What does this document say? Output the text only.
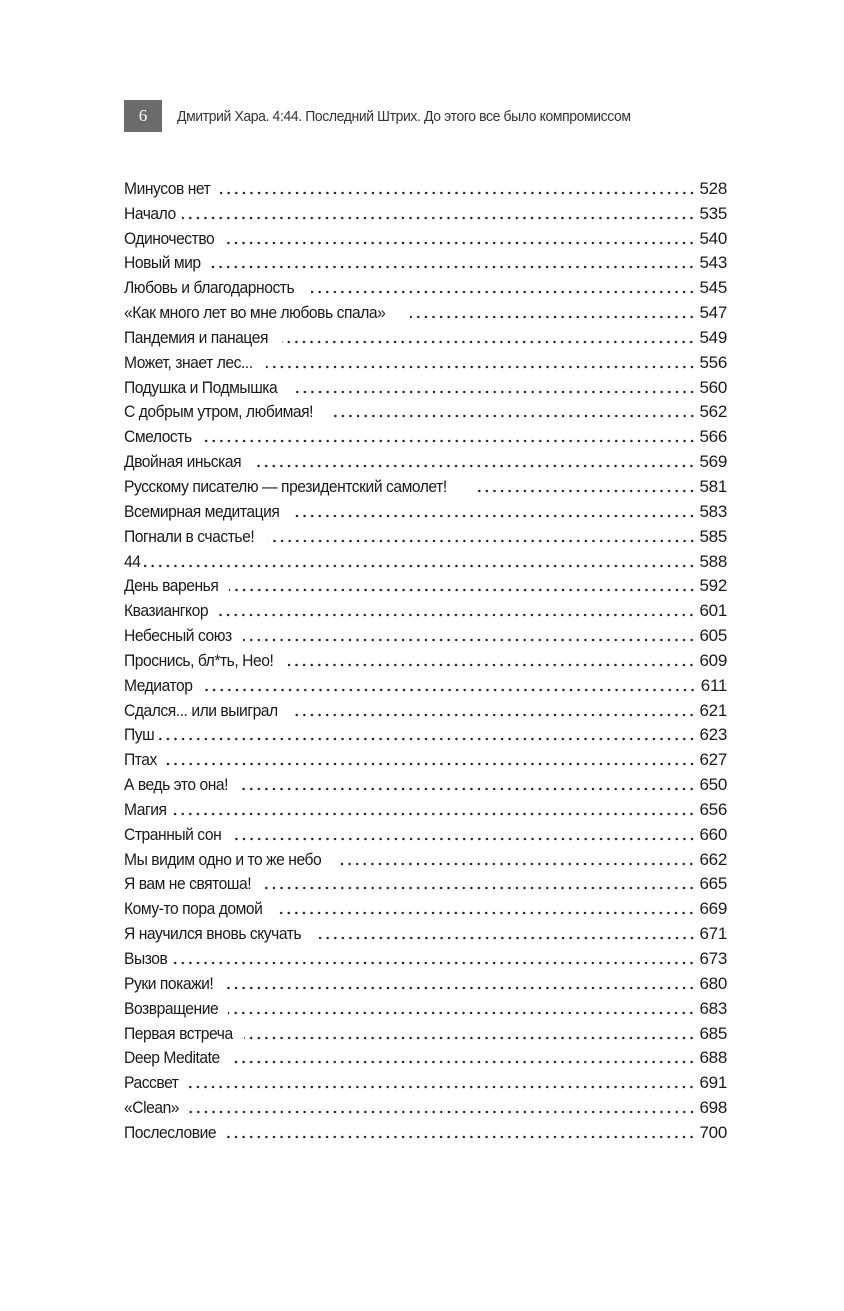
6	Дмитрий Хара. 4:44. Последний Штрих. До этого все было компромиссом
Минусов нет	528
Начало	535
Одиночество	540
Новый мир	543
Любовь и благодарность	545
«Как много лет во мне любовь спала»	547
Пандемия и панацея	549
Может, знает лес...	556
Подушка и Подмышка	560
С добрым утром, любимая!	562
Смелость	566
Двойная иньская	569
Русскому писателю — президентский самолет!	581
Всемирная медитация	583
Погнали в счастье!	585
44	588
День варенья	592
Квазиангкор	601
Небесный союз	605
Проснись, бл*ть, Нео!	609
Медиатор	611
Сдался... или выиграл	621
Пуш	623
Птах	627
А ведь это она!	650
Магия	656
Странный сон	660
Мы видим одно и то же небо	662
Я вам не святоша!	665
Кому-то пора домой	669
Я научился вновь скучать	671
Вызов	673
Руки покажи!	680
Возвращение	683
Первая встреча	685
Deep Meditate	688
Рассвет	691
«Clean»	698
Послесловие	700
